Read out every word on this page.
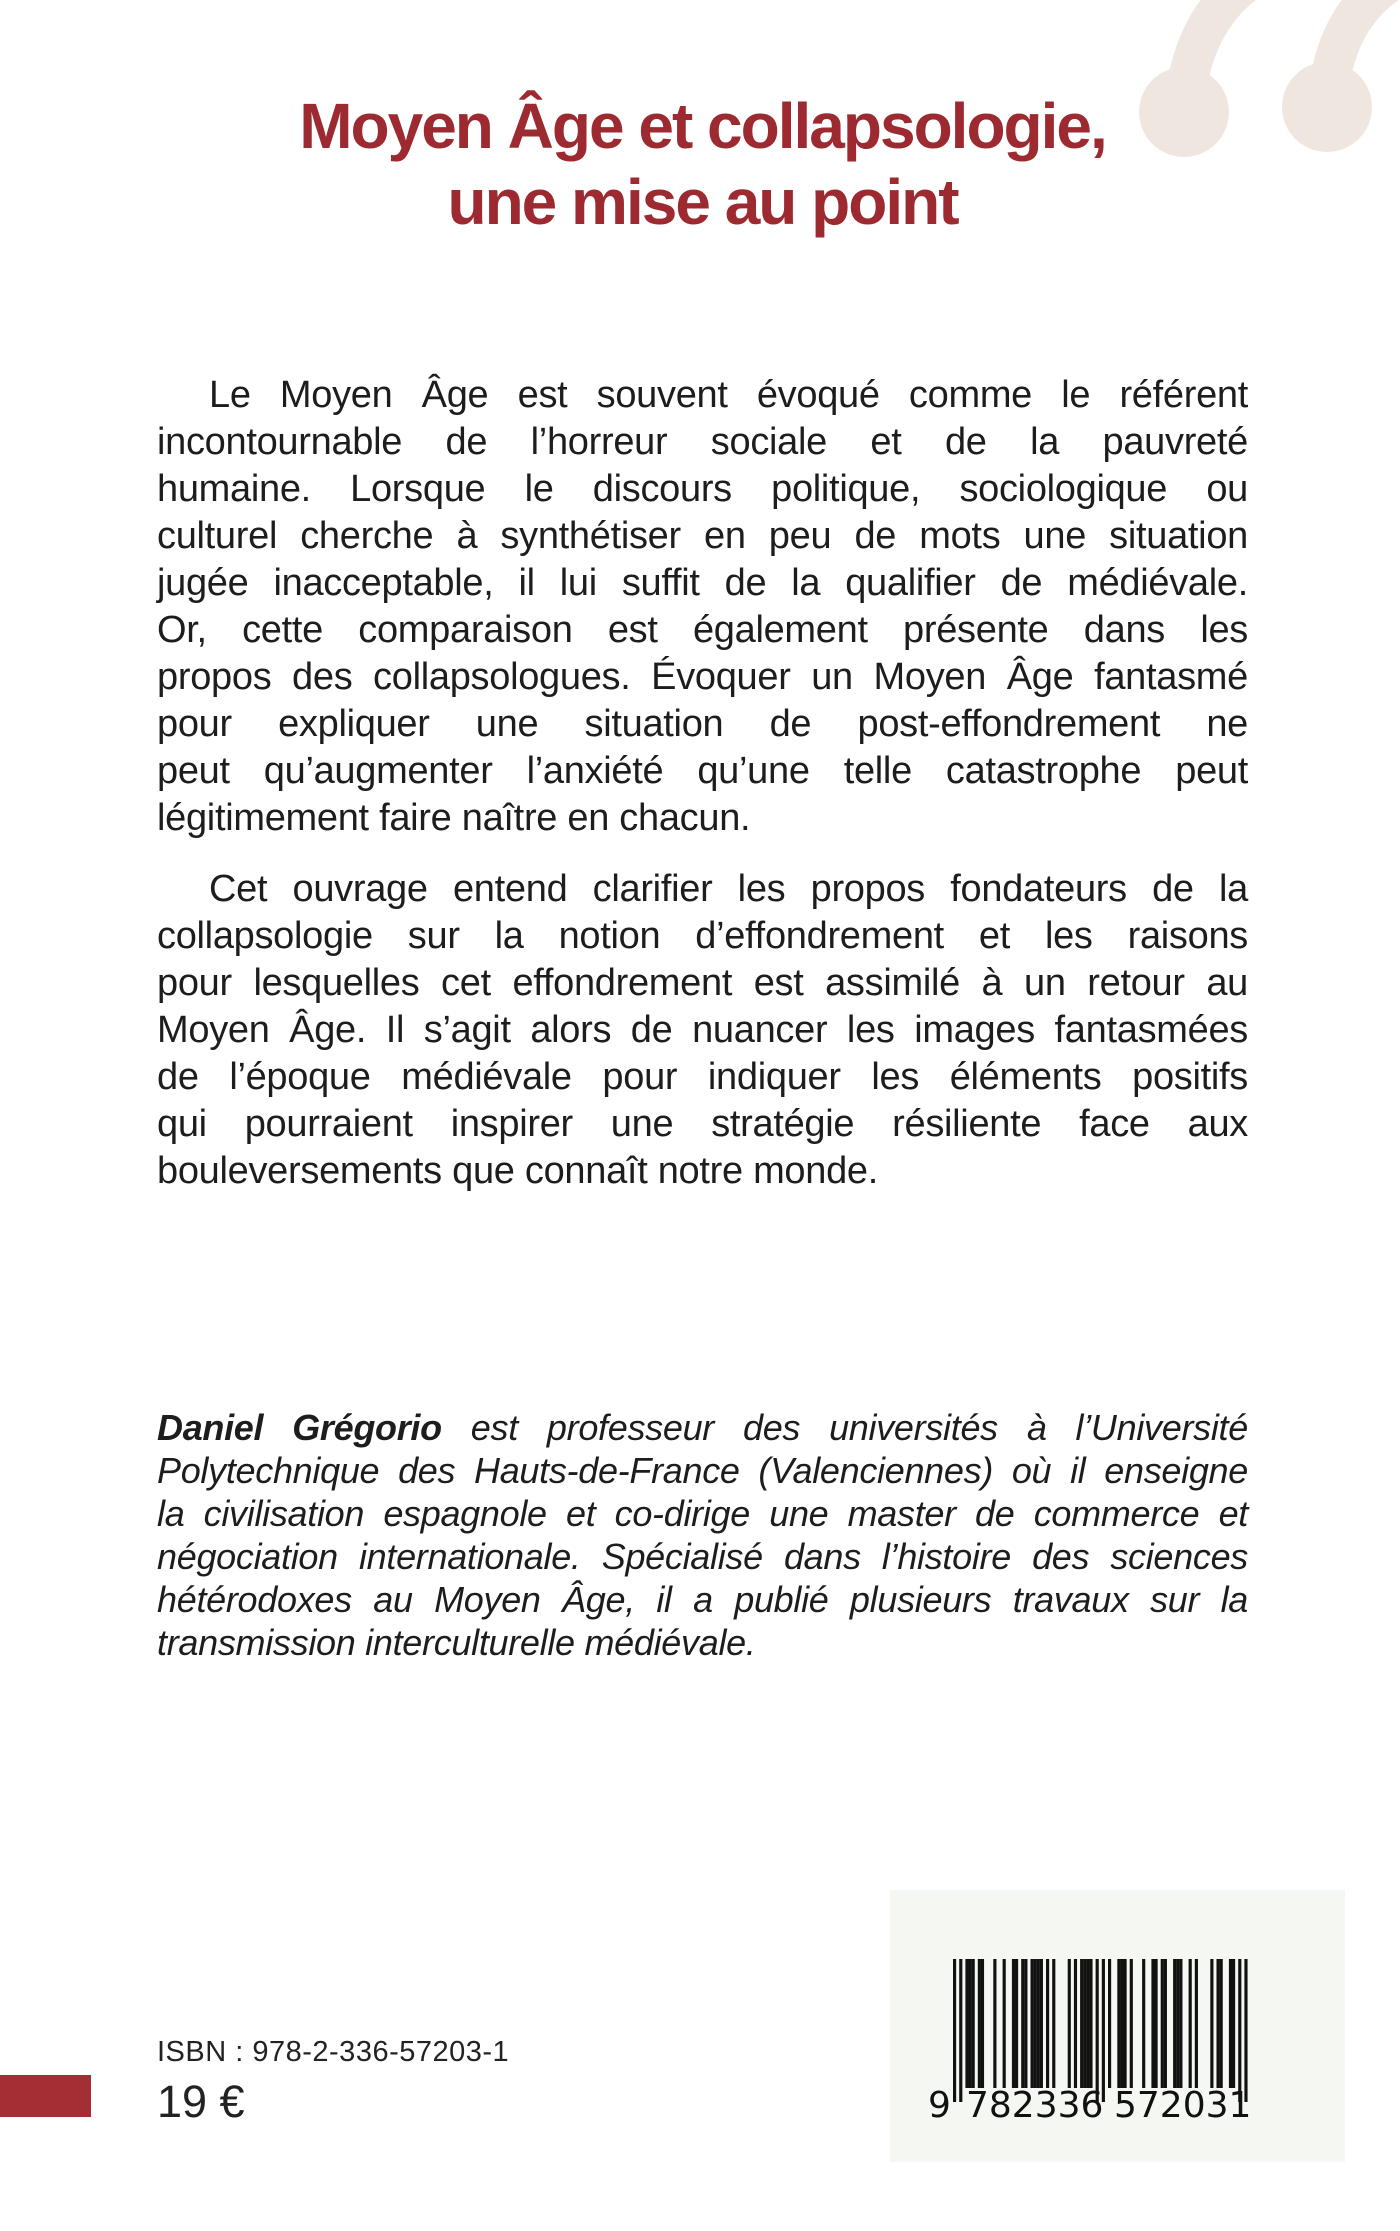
Moyen Âge et collapsologie,
une mise au point
Le Moyen Âge est souvent évoqué comme le référent
incontournable de l’horreur sociale et de la pauvreté
humaine. Lorsque le discours politique, sociologique ou
culturel cherche à synthétiser en peu de mots une situation
jugée inacceptable, il lui suffit de la qualifier de médiévale.
Or, cette comparaison est également présente dans les
propos des collapsologues. Évoquer un Moyen Âge fantasmé
pour expliquer une situation de post-effondrement ne
peut qu’augmenter l’anxiété qu’une telle catastrophe peut
légitimement faire naître en chacun.
Cet ouvrage entend clarifier les propos fondateurs de la
collapsologie sur la notion d’effondrement et les raisons
pour lesquelles cet effondrement est assimilé à un retour au
Moyen Âge. Il s’agit alors de nuancer les images fantasmées
de l’époque médiévale pour indiquer les éléments positifs
qui pourraient inspirer une stratégie résiliente face aux
bouleversements que connaît notre monde.
Daniel Grégorio est professeur des universités à l’Université
Polytechnique des Hauts-de-France (Valenciennes) où il enseigne
la civilisation espagnole et co-dirige une master de commerce et
négociation internationale. Spécialisé dans l’histoire des sciences
hétérodoxes au Moyen Âge, il a publié plusieurs travaux sur la
transmission interculturelle médiévale.
ISBN : 978-2-336-57203-1
19 €	9 782336 572031
